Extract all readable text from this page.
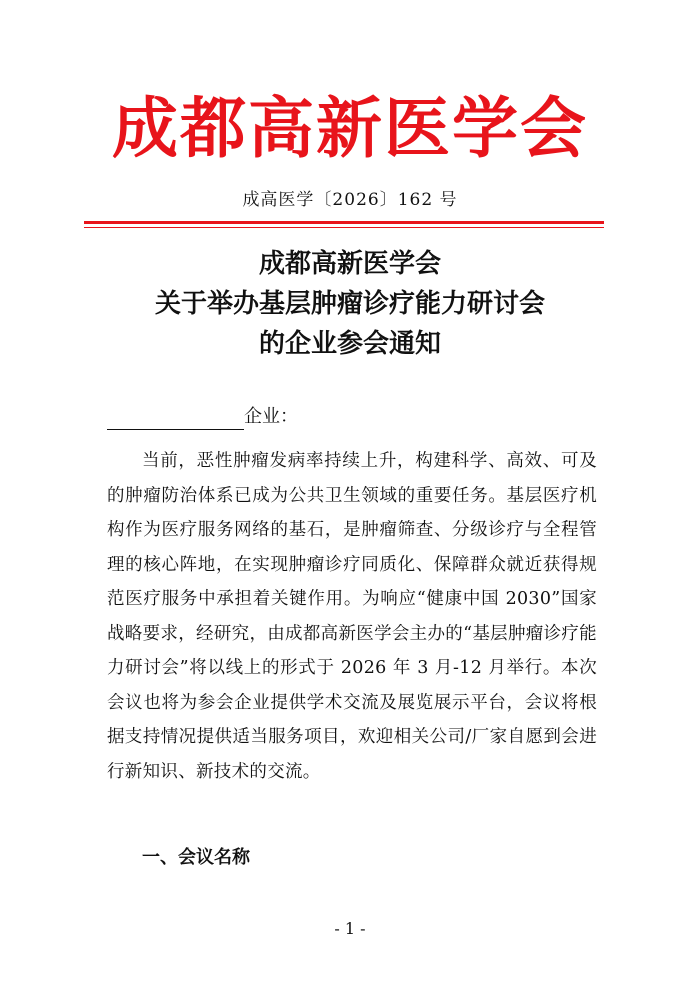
成都高新医学会
成高医学〔2026〕162 号
成都高新医学会
关于举办基层肿瘤诊疗能力研讨会
的企业参会通知
企业：

当前，恶性肿瘤发病率持续上升，构建科学、高效、可及的肿瘤防治体系已成为公共卫生领域的重要任务。基层医疗机构作为医疗服务网络的基石，是肿瘤筛查、分级诊疗与全程管理的核心阵地，在实现肿瘤诊疗同质化、保障群众就近获得规范医疗服务中承担着关键作用。为响应“健康中国 2030”国家战略要求，经研究，由成都高新医学会主办的“基层肿瘤诊疗能力研讨会”将以线上的形式于 2026 年 3 月-12 月举行。本次会议也将为参会企业提供学术交流及展览展示平台，会议将根据支持情况提供适当服务项目，欢迎相关公司/厂家自愿到会进行新知识、新技术的交流。

一、会议名称
- 1 -
